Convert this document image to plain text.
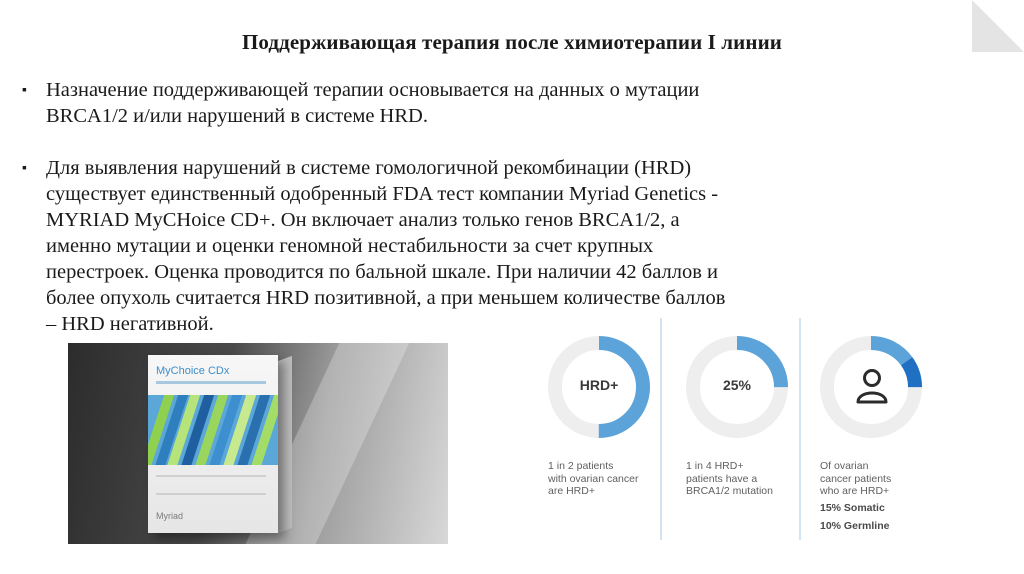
Поддерживающая терапия после химиотерапии I линии
▪ Назначение поддерживающей терапии основывается на данных о мутации
BRCA1/2 и/или нарушений в системе HRD.
▪ Для выявления нарушений в системе гомологичной рекомбинации (HRD)
существует единственный одобренный FDA тест компании Myriad Genetics -
MYRIAD MyCHoice CD+. Он включает анализ только генов BRCA1/2, а
именно мутации и оценки геномной нестабильности за счет крупных
перестроек. Оценка проводится по бальной шкале. При наличии 42 баллов и
более опухоль считается HRD позитивной, а при меньшем количестве баллов
– HRD негативной.
MyChoice CDx
Myriad
HRD+
1 in 2 patients
with ovarian cancer
are HRD+
25%
1 in 4 HRD+
patients have a
BRCA1/2 mutation
Of ovarian
cancer patients
who are HRD+
15% Somatic
10% Germline
